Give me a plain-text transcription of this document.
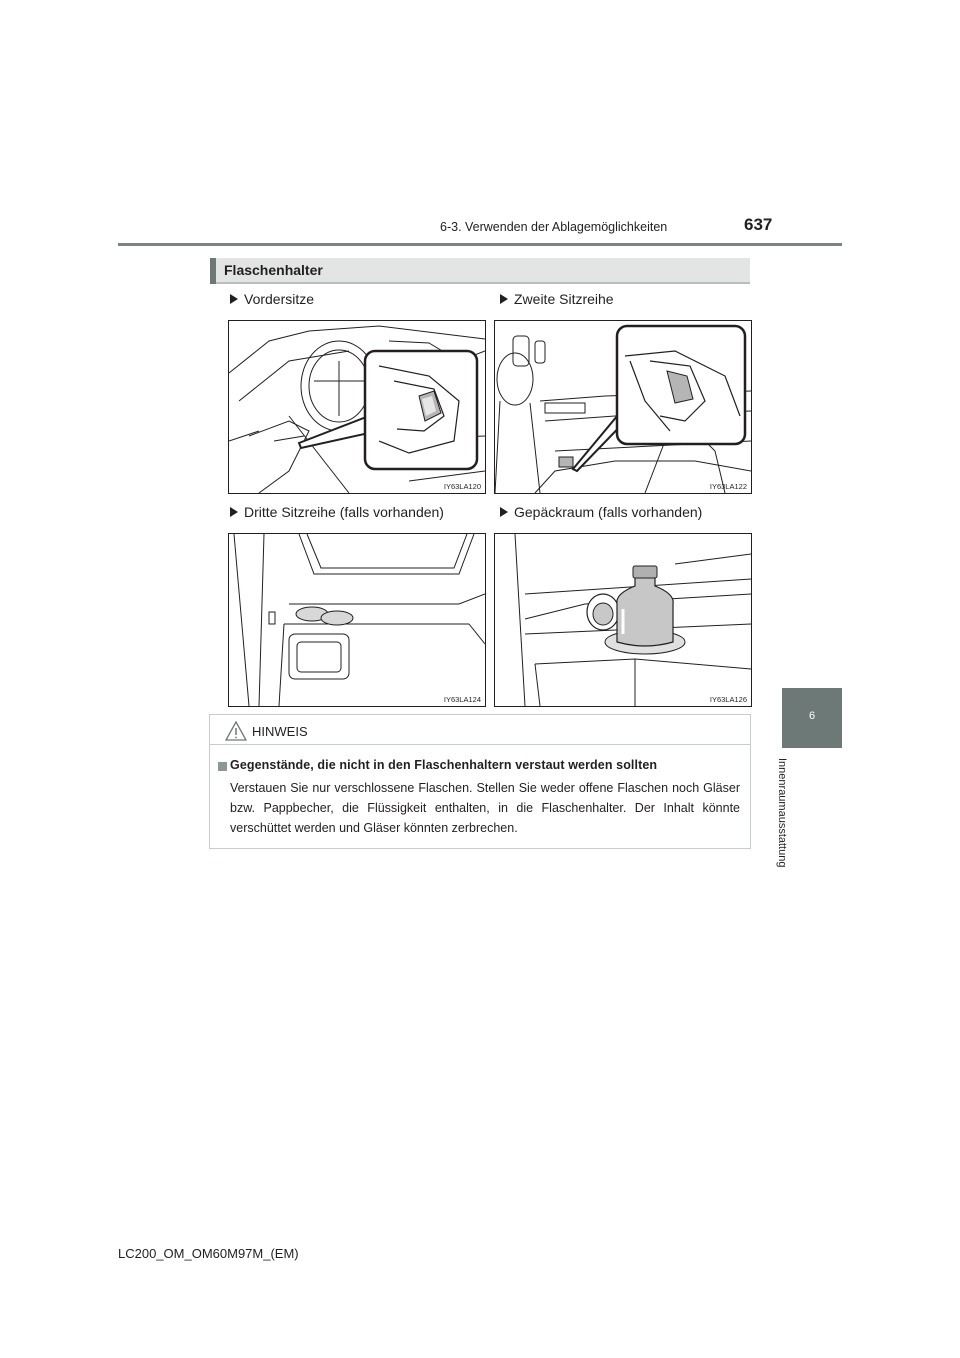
6-3. Verwenden der Ablagemöglichkeiten	637
6
Innenraumausstattung
Flaschenhalter
Vordersitze	Zweite Sitzreihe
Dritte Sitzreihe (falls vorhanden)	Gepäckraum (falls vorhanden)
IY63LA120	IY63LA122
IY63LA124	IY63LA126
HINWEIS
Gegenstände, die nicht in den Flaschenhaltern verstaut werden sollten
Verstauen Sie nur verschlossene Flaschen. Stellen Sie weder offene Flaschen noch Gläser bzw. Pappbecher, die Flüssigkeit enthalten, in die Flaschenhalter. Der Inhalt könnte verschüttet werden und Gläser könnten zerbrechen.
LC200_OM_OM60M97M_(EM)
